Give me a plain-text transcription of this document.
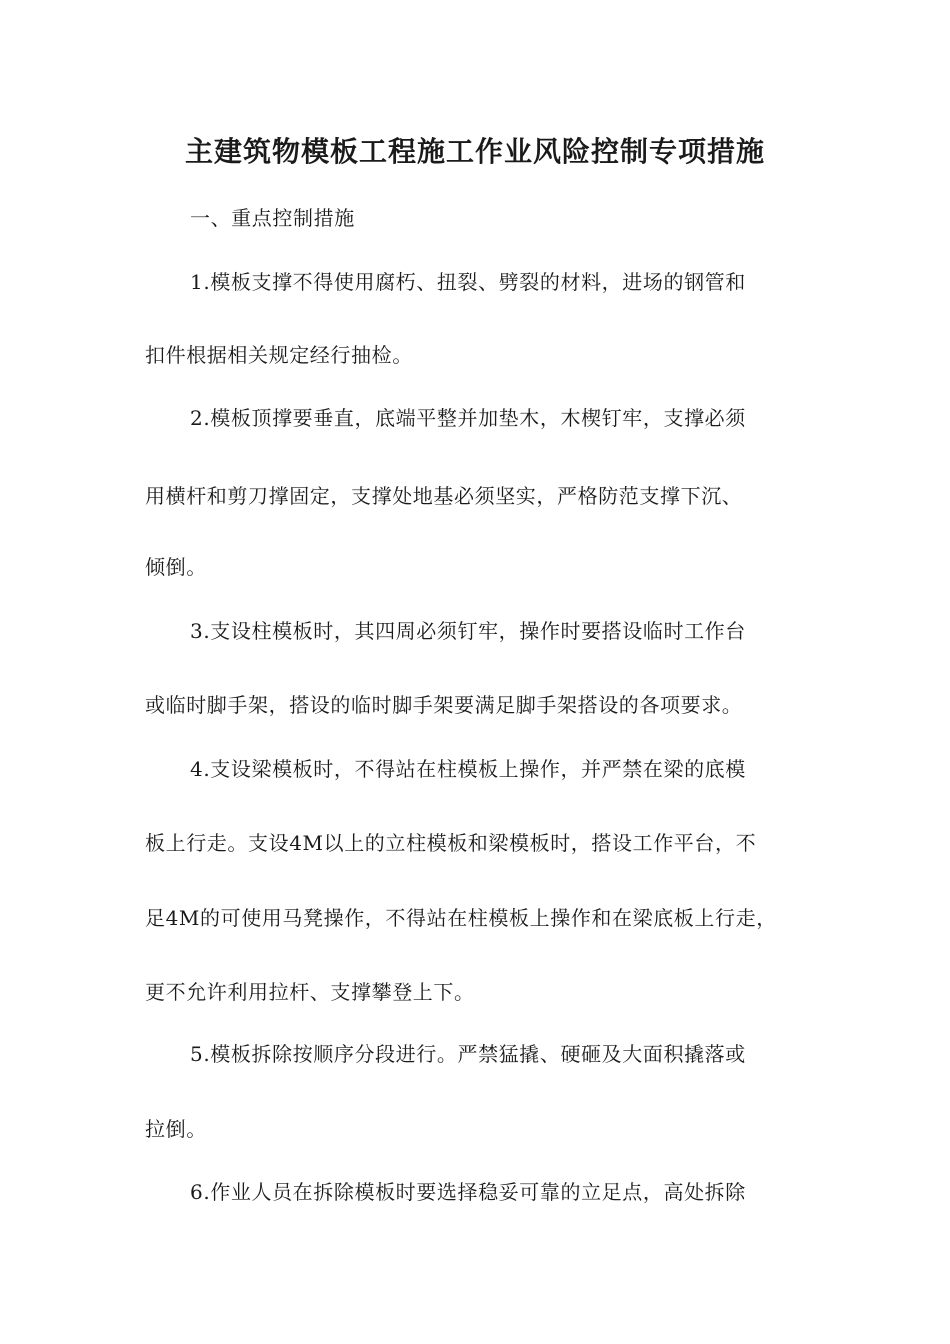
主建筑物模板工程施工作业风险控制专项措施
一、重点控制措施
1.模板支撑不得使用腐朽、扭裂、劈裂的材料，进场的钢管和
扣件根据相关规定经行抽检。
2.模板顶撑要垂直，底端平整并加垫木，木楔钉牢，支撑必须
用横杆和剪刀撑固定，支撑处地基必须坚实，严格防范支撑下沉、
倾倒。
3.支设柱模板时，其四周必须钉牢，操作时要搭设临时工作台
或临时脚手架，搭设的临时脚手架要满足脚手架搭设的各项要求。
4.支设梁模板时，不得站在柱模板上操作，并严禁在梁的底模
板上行走。支设4M以上的立柱模板和梁模板时，搭设工作平台，不
足4M的可使用马凳操作，不得站在柱模板上操作和在梁底板上行走，
更不允许利用拉杆、支撑攀登上下。
5.模板拆除按顺序分段进行。严禁猛撬、硬砸及大面积撬落或
拉倒。
6.作业人员在拆除模板时要选择稳妥可靠的立足点，高处拆除
